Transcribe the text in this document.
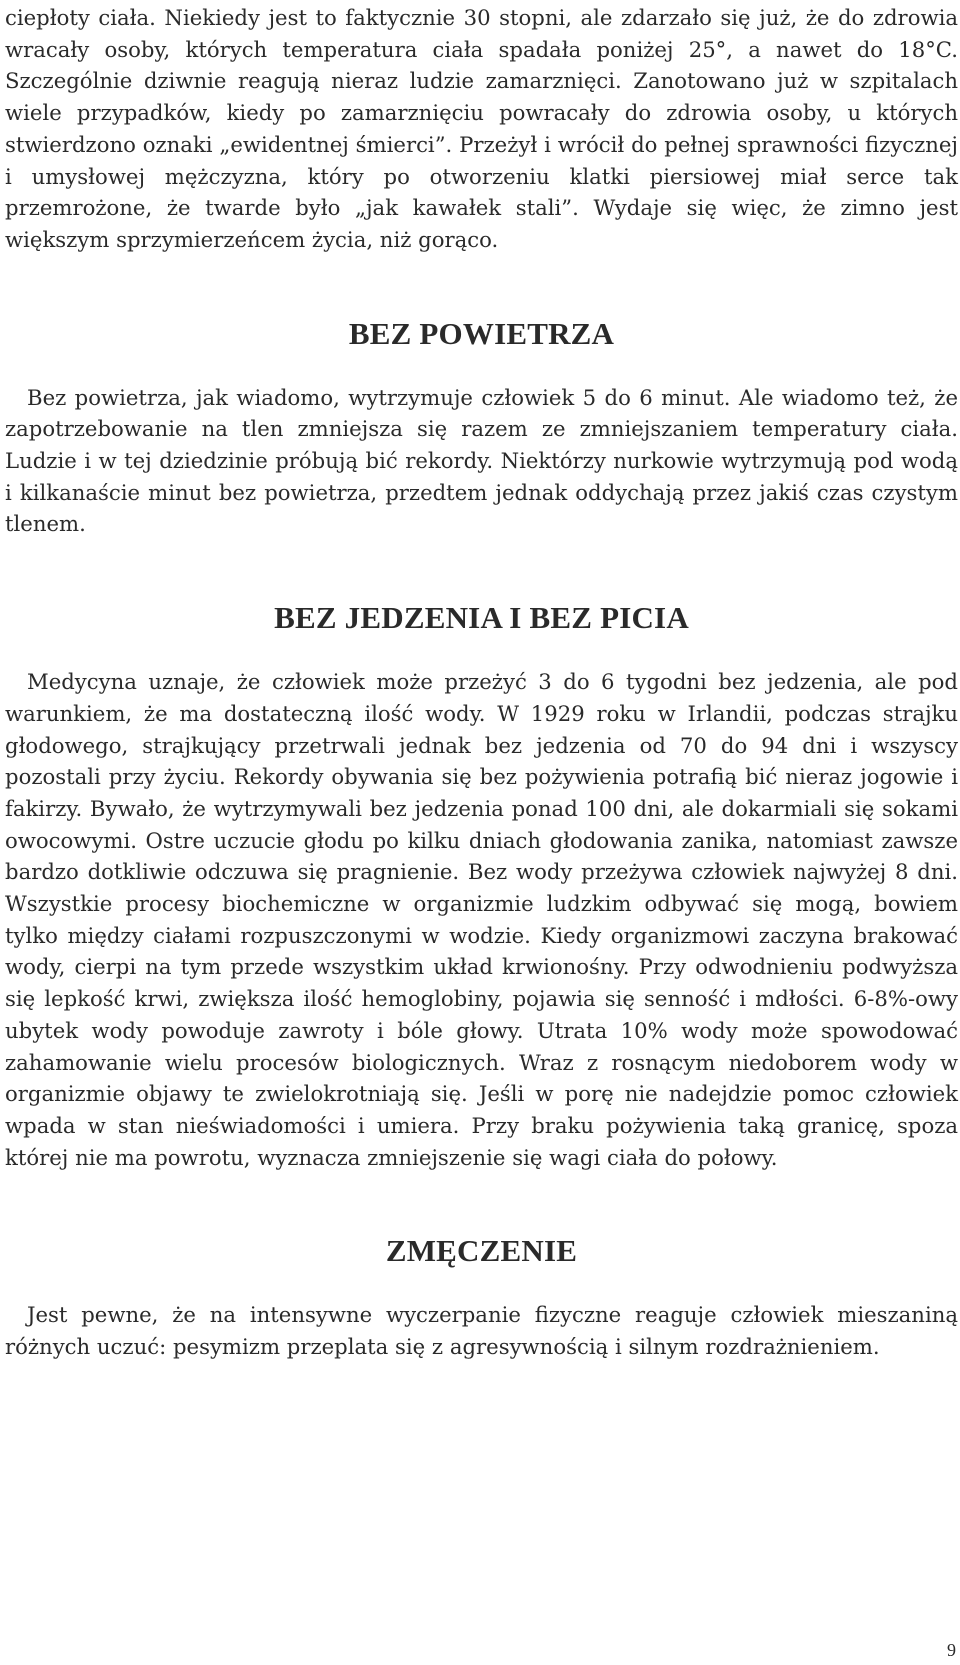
ciepłoty ciała. Niekiedy jest to faktycznie 30 stopni, ale zdarzało się już, że do zdrowia wracały osoby, których temperatura ciała spadała poniżej 25°, a nawet do 18°C. Szczególnie dziwnie reagują nieraz ludzie zamarznięci. Zanotowano już w szpitalach wiele przypadków, kiedy po zamarznięciu powracały do zdrowia osoby, u których stwierdzono oznaki „ewidentnej śmierci”. Przeżył i wrócił do pełnej sprawności fizycznej i umysłowej mężczyzna, który po otworzeniu klatki piersiowej miał serce tak przemrożone, że twarde było „jak kawałek stali”. Wydaje się więc, że zimno jest większym sprzymierzeńcem życia, niż gorąco.

BEZ POWIETRZA

Bez powietrza, jak wiadomo, wytrzymuje człowiek 5 do 6 minut. Ale wiadomo też, że zapotrzebowanie na tlen zmniejsza się razem ze zmniejszaniem temperatury ciała. Ludzie i w tej dziedzinie próbują bić rekordy. Niektórzy nurkowie wytrzymują pod wodą i kilkanaście minut bez powietrza, przedtem jednak oddychają przez jakiś czas czystym tlenem.

BEZ JEDZENIA I BEZ PICIA

Medycyna uznaje, że człowiek może przeżyć 3 do 6 tygodni bez jedzenia, ale pod warunkiem, że ma dostateczną ilość wody. W 1929 roku w Irlandii, podczas strajku głodowego, strajkujący przetrwali jednak bez jedzenia od 70 do 94 dni i wszyscy pozostali przy życiu. Rekordy obywania się bez pożywienia potrafią bić nieraz jogowie i fakirzy. Bywało, że wytrzymywali bez jedzenia ponad 100 dni, ale dokarmiali się sokami owocowymi. Ostre uczucie głodu po kilku dniach głodowania zanika, natomiast zawsze bardzo dotkliwie odczuwa się pragnienie. Bez wody przeżywa człowiek najwyżej 8 dni. Wszystkie procesy biochemiczne w organizmie ludzkim odbywać się mogą, bowiem tylko między ciałami rozpuszczonymi w wodzie. Kiedy organizmowi zaczyna brakować wody, cierpi na tym przede wszystkim układ krwionośny. Przy odwodnieniu podwyższa się lepkość krwi, zwiększa ilość hemoglobiny, pojawia się senność i mdłości. 6-8%-owy ubytek wody powoduje zawroty i bóle głowy. Utrata 10% wody może spowodować zahamowanie wielu procesów biologicznych. Wraz z rosnącym niedoborem wody w organizmie objawy te zwielokrotniają się. Jeśli w porę nie nadejdzie pomoc człowiek wpada w stan nieświadomości i umiera. Przy braku pożywienia taką granicę, spoza której nie ma powrotu, wyznacza zmniejszenie się wagi ciała do połowy.

ZMĘCZENIE

Jest pewne, że na intensywne wyczerpanie fizyczne reaguje człowiek mieszaniną różnych uczuć: pesymizm przeplata się z agresywnością i silnym rozdrażnieniem.

9
